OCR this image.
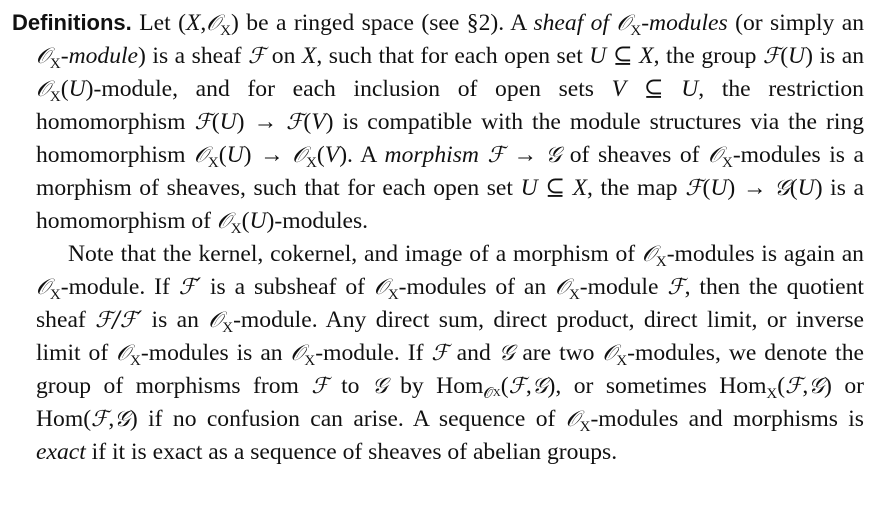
Definitions. Let (X,𝒪$_X$) be a ringed space (see §2). A sheaf of 𝒪$_X$-modules (or simply an 𝒪$_X$-module) is a sheaf ℱ on X, such that for each open set U ⊆ X, the group ℱ(U) is an 𝒪$_X$(U)-module, and for each inclusion of open sets V ⊆ U, the restriction homomorphism ℱ(U) → ℱ(V) is compatible with the module structures via the ring homomorphism 𝒪$_X$(U) → 𝒪$_X$(V). A morphism ℱ → 𝒢 of sheaves of 𝒪$_X$-modules is a morphism of sheaves, such that for each open set U ⊆ X, the map ℱ(U) → 𝒢(U) is a homomorphism of 𝒪$_X$(U)-modules.

Note that the kernel, cokernel, and image of a morphism of 𝒪$_X$-modules is again an 𝒪$_X$-module. If ℱ′ is a subsheaf of 𝒪$_X$-modules of an 𝒪$_X$-module ℱ, then the quotient sheaf ℱ/ℱ′ is an 𝒪$_X$-module. Any direct sum, direct product, direct limit, or inverse limit of 𝒪$_X$-modules is an 𝒪$_X$-module. If ℱ and 𝒢 are two 𝒪$_X$-modules, we denote the group of morphisms from ℱ to 𝒢 by Hom$_𝒪$X(ℱ,𝒢), or sometimes Hom$_X$(ℱ,𝒢) or Hom(ℱ,𝒢) if no confusion can arise. A sequence of 𝒪$_X$-modules and morphisms is exact if it is exact as a sequence of sheaves of abelian groups.
